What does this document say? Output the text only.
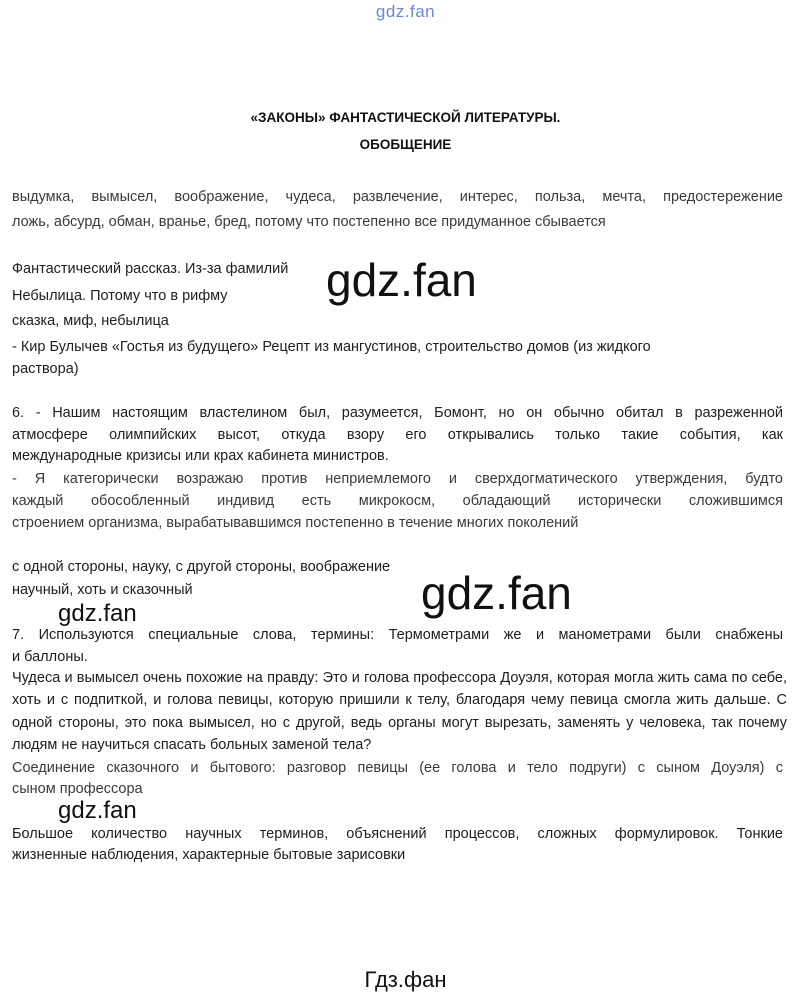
gdz.fan
«ЗАКОНЫ» ФАНТАСТИЧЕСКОЙ ЛИТЕРАТУРЫ.
ОБОБЩЕНИЕ
выдумка, вымысел, воображение, чудеса, развлечение, интерес, польза, мечта, предостережение
ложь, абсурд, обман, вранье, бред, потому что постепенно все придуманное сбывается
Фантастический рассказ. Из-за фамилий
Небылица. Потому что в рифму
сказка, миф, небылица
- Кир Булычев «Гостья из будущего» Рецепт из мангустинов, строительство домов (из жидкого
раствора)
6. - Нашим настоящим властелином был, разумеется, Бомонт, но он обычно обитал в разреженной
атмосфере олимпийских высот, откуда взору его открывались только такие события, как
международные кризисы или крах кабинета министров.
- Я категорически возражаю против неприемлемого и сверхдогматического утверждения, будто
каждый обособленный индивид есть микрокосм, обладающий исторически сложившимся
строением организма, вырабатывавшимся постепенно в течение многих поколений
с одной стороны, науку, с другой стороны, воображение
научный, хоть и сказочный
7. Используются специальные слова, термины: Термометрами же и манометрами были снабжены
и баллоны.
Чудеса и вымысел очень похожие на правду: Это и голова профессора Доуэля, которая могла жить сама по себе, хоть и с подпиткой, и голова певицы, которую пришили к телу, благодаря чему певица смогла жить дальше. С одной стороны, это пока вымысел, но с другой, ведь органы могут вырезать, заменять у человека, так почему людям не научиться спасать больных заменой тела?
Соединение сказочного и бытового: разговор певицы (ее голова и тело подруги) с сыном Доуэля) с
сыном профессора
Большое количество научных терминов, объяснений процессов, сложных формулировок. Тонкие
жизненные наблюдения, характерные бытовые зарисовки
gdz.fan
gdz.fan
gdz.fan
gdz.fan
Гдз.фан
